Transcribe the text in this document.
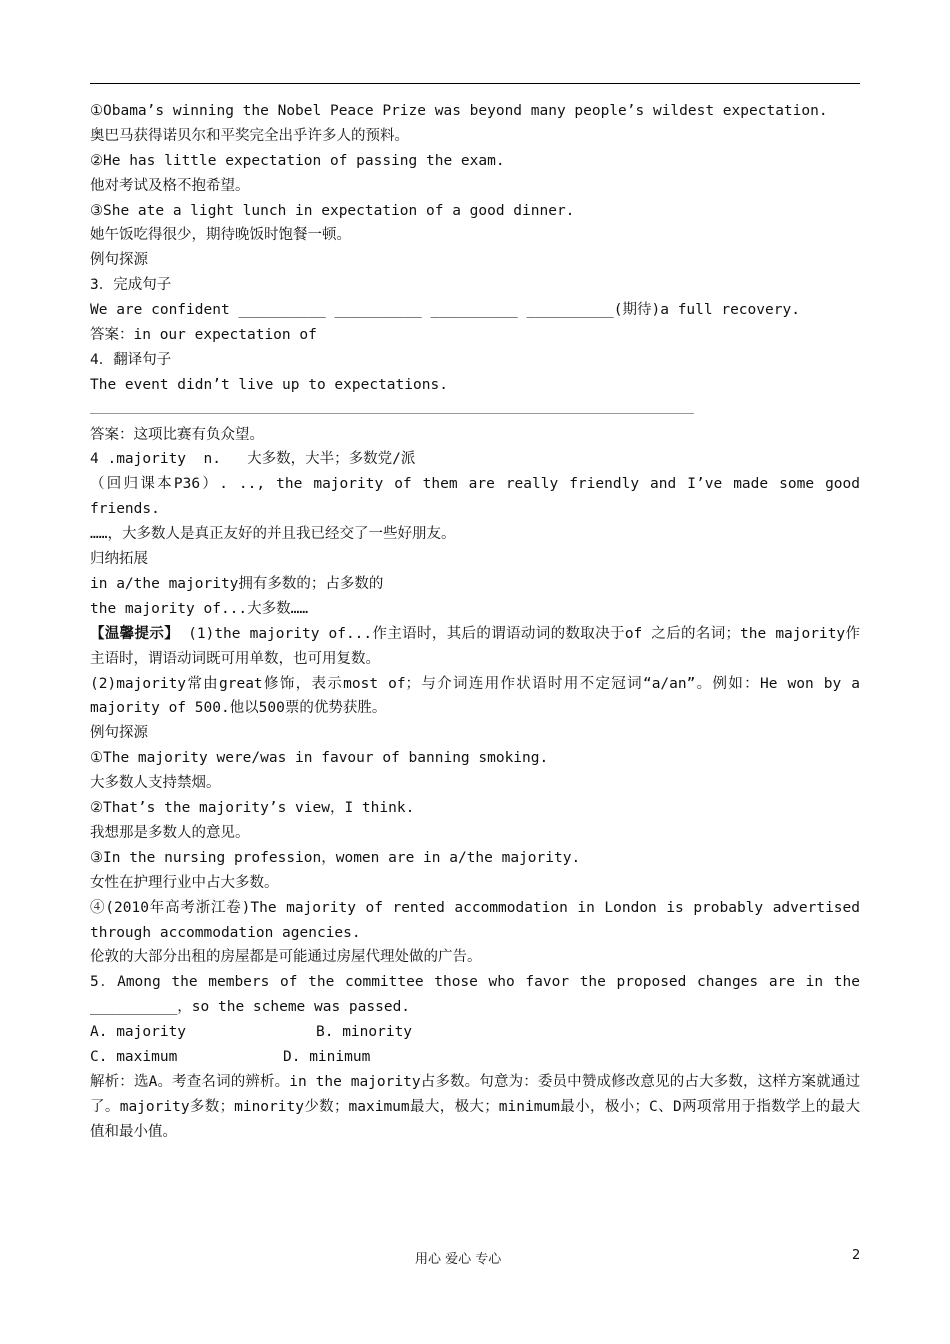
①Obama’s winning the Nobel Peace Prize was beyond many people’s wildest expectation.
奥巴马获得诺贝尔和平奖完全出乎许多人的预料。
②He has little expectation of passing the exam.
他对考试及格不抱希望。
③She ate a light lunch in expectation of a good dinner.
她午饭吃得很少，期待晚饭时饱餐一顿。
例句探源
3．完成句子
We are confident __________ __________ __________ __________(期待)a full recovery.
答案：in our expectation of
4．翻译句子
The event didn’t live up to expectations.
答案：这项比赛有负众望。
4 .majority  n.   大多数，大半；多数党/派
（回归课本P36）. .., the majority of them are really friendly and I’ve made some good friends.
……，大多数人是真正友好的并且我已经交了一些好朋友。
归纳拓展
in a/the majority拥有多数的；占多数的
the majority of...大多数……
【温馨提示】 (1)the majority of...作主语时，其后的谓语动词的数取决于of 之后的名词；the majority作主语时，谓语动词既可用单数，也可用复数。
(2)majority常由great修饰，表示most of；与介词连用作状语时用不定冠词“a/an”。例如：He won by a majority of 500.他以500票的优势获胜。
例句探源
①The majority were/was in favour of banning smoking.
大多数人支持禁烟。
②That’s the majority’s view，I think.
我想那是多数人的意见。
③In the nursing profession，women are in a/the majority.
女性在护理行业中占大多数。
④(2010年高考浙江卷)The majority of rented accommodation in London is probably advertised through accommodation agencies.
伦敦的大部分出租的房屋都是可能通过房屋代理处做的广告。
5．Among the members of the committee those who favor the proposed changes are in the __________，so the scheme was passed.
A. majority	B. minority
C. maximum	D. minimum
解析：选A。考查名词的辨析。in the majority占多数。句意为：委员中赞成修改意见的占大多数，这样方案就通过了。majority多数；minority少数；maximum最大，极大；minimum最小，极小；C、D两项常用于指数学上的最大值和最小值。
用心 爱心 专心	2
